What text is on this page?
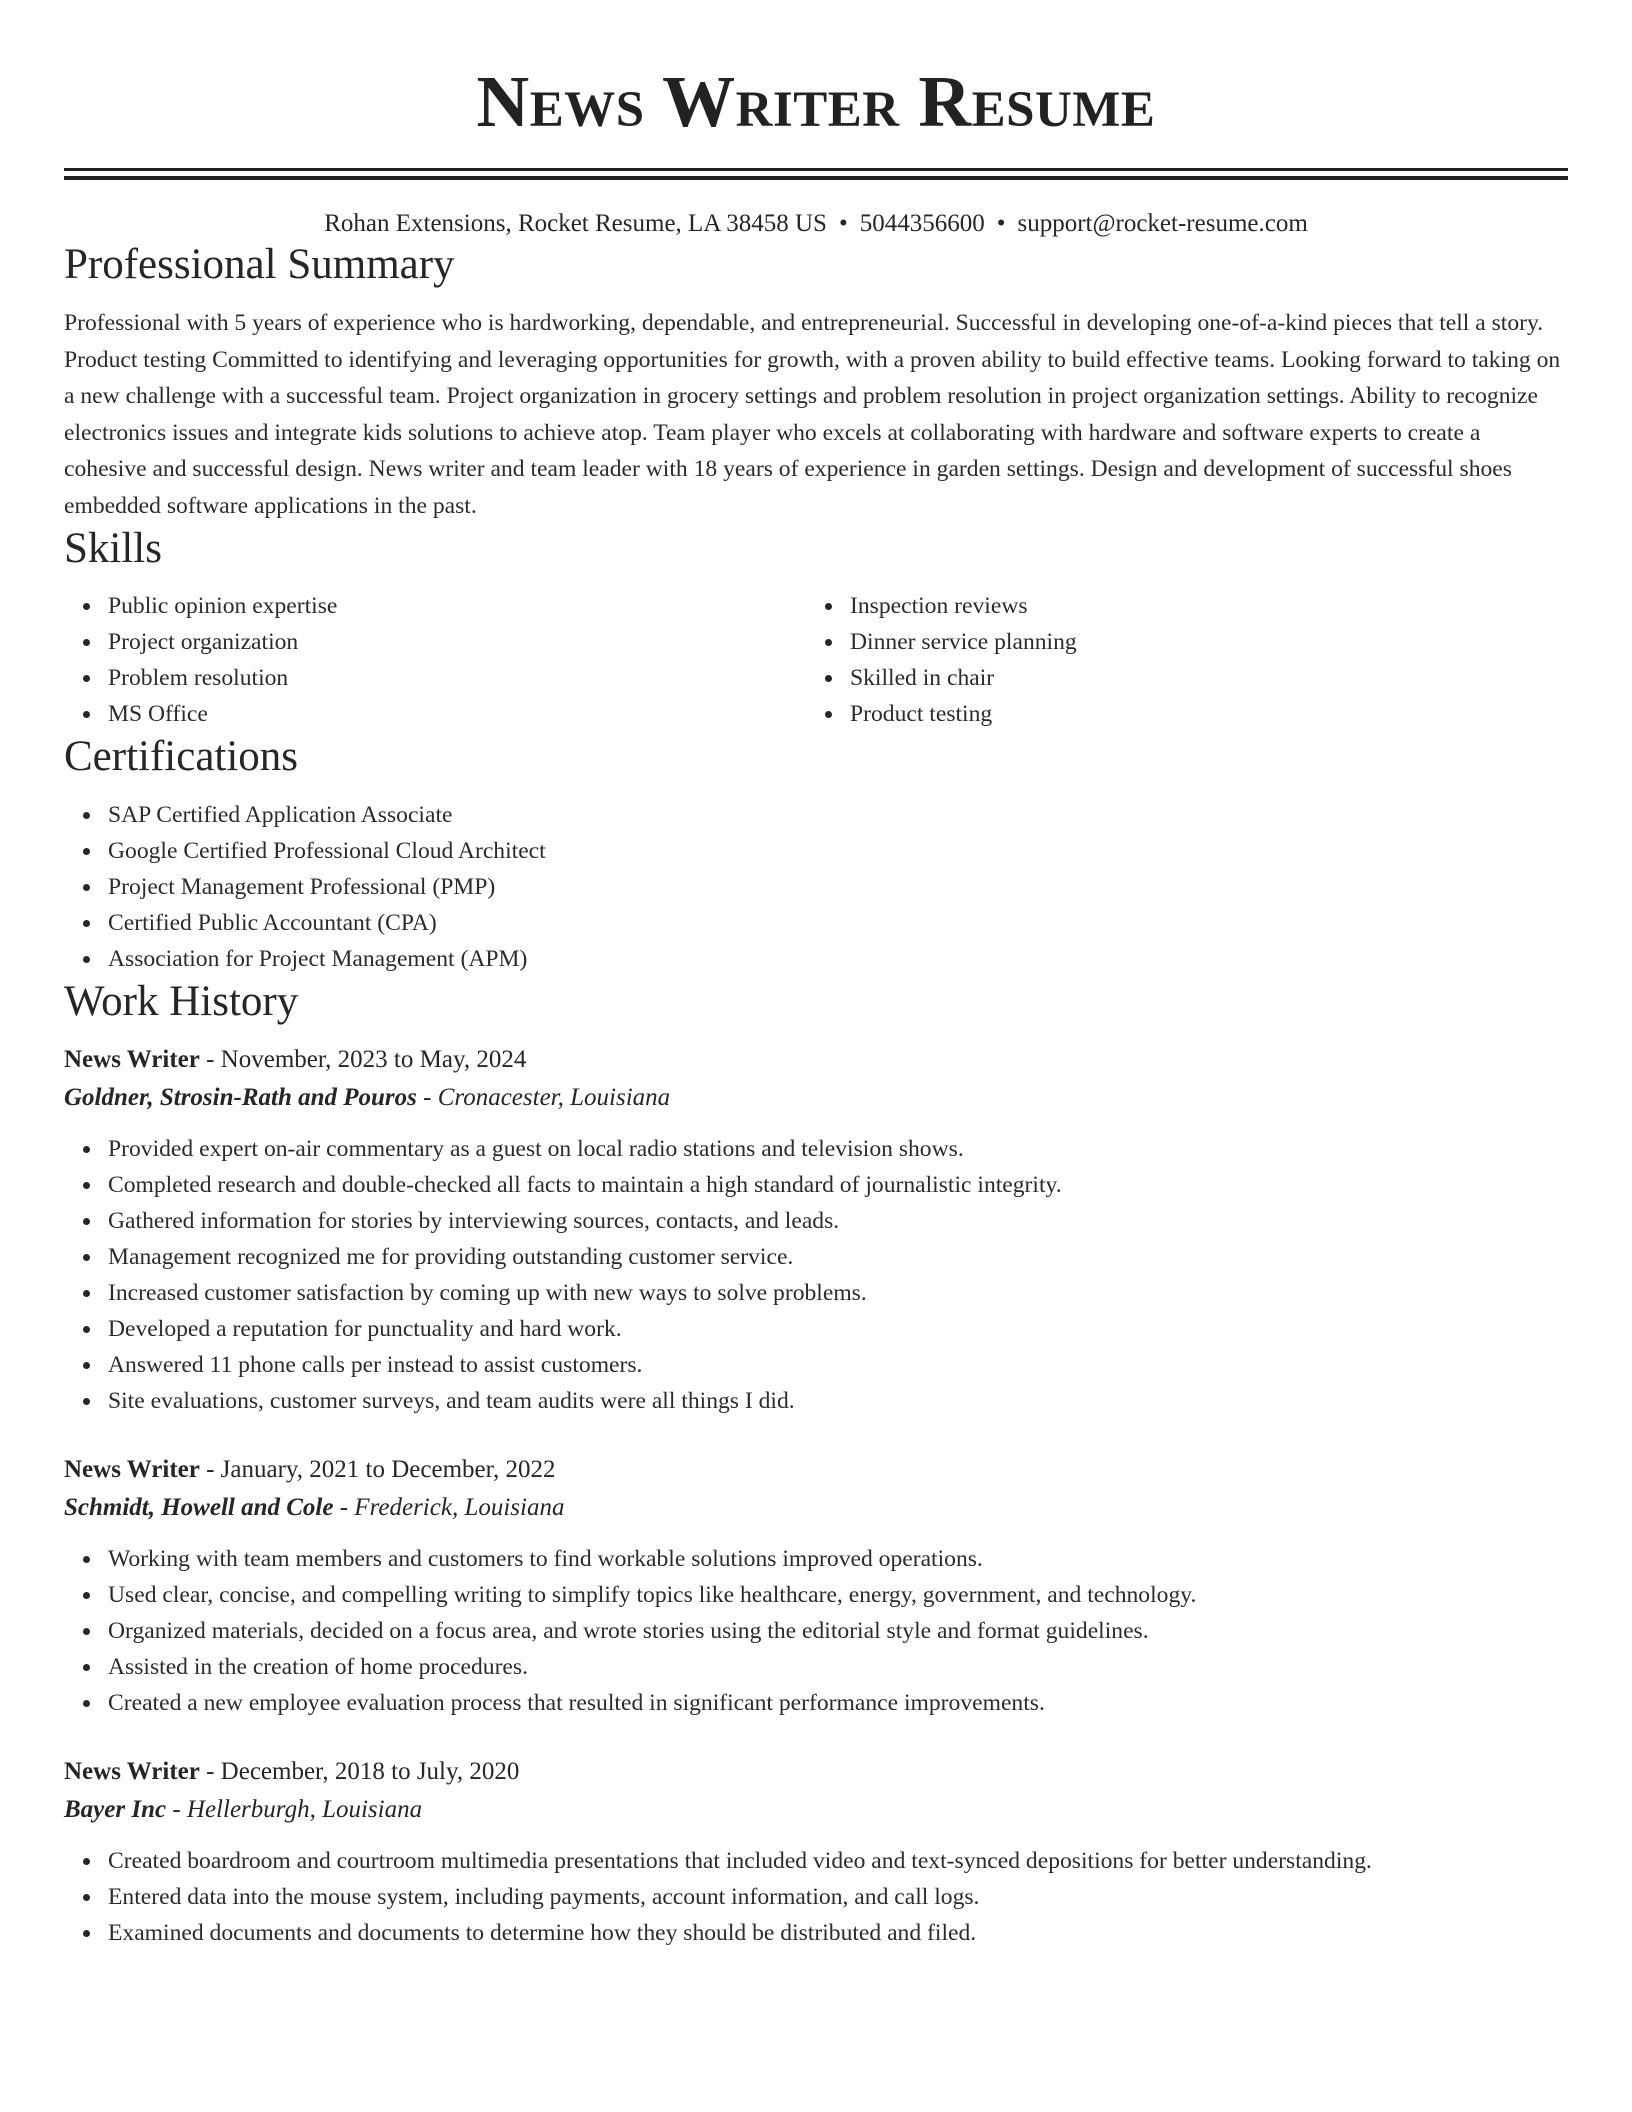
News Writer Resume
Rohan Extensions, Rocket Resume, LA 38458 US • 5044356600 • support@rocket-resume.com
Professional Summary

Professional with 5 years of experience who is hardworking, dependable, and entrepreneurial. Successful in developing one-of-a-kind pieces that tell a story. Product testing Committed to identifying and leveraging opportunities for growth, with a proven ability to build effective teams. Looking forward to taking on a new challenge with a successful team. Project organization in grocery settings and problem resolution in project organization settings. Ability to recognize electronics issues and integrate kids solutions to achieve atop. Team player who excels at collaborating with hardware and software experts to create a cohesive and successful design. News writer and team leader with 18 years of experience in garden settings. Design and development of successful shoes embedded software applications in the past.

Skills
Public opinion expertise
Project organization
Problem resolution
MS Office
Inspection reviews
Dinner service planning
Skilled in chair
Product testing
Certifications
SAP Certified Application Associate
Google Certified Professional Cloud Architect
Project Management Professional (PMP)
Certified Public Accountant (CPA)
Association for Project Management (APM)
Work History

News Writer - November, 2023 to May, 2024

Goldner, Strosin-Rath and Pouros - Cronacester, Louisiana

Provided expert on-air commentary as a guest on local radio stations and television shows.
Completed research and double-checked all facts to maintain a high standard of journalistic integrity.
Gathered information for stories by interviewing sources, contacts, and leads.
Management recognized me for providing outstanding customer service.
Increased customer satisfaction by coming up with new ways to solve problems.
Developed a reputation for punctuality and hard work.
Answered 11 phone calls per instead to assist customers.
Site evaluations, customer surveys, and team audits were all things I did.

News Writer - January, 2021 to December, 2022

Schmidt, Howell and Cole - Frederick, Louisiana

Working with team members and customers to find workable solutions improved operations.
Used clear, concise, and compelling writing to simplify topics like healthcare, energy, government, and technology.
Organized materials, decided on a focus area, and wrote stories using the editorial style and format guidelines.
Assisted in the creation of home procedures.
Created a new employee evaluation process that resulted in significant performance improvements.

News Writer - December, 2018 to July, 2020

Bayer Inc - Hellerburgh, Louisiana

Created boardroom and courtroom multimedia presentations that included video and text-synced depositions for better understanding.
Entered data into the mouse system, including payments, account information, and call logs.
Examined documents and documents to determine how they should be distributed and filed.
